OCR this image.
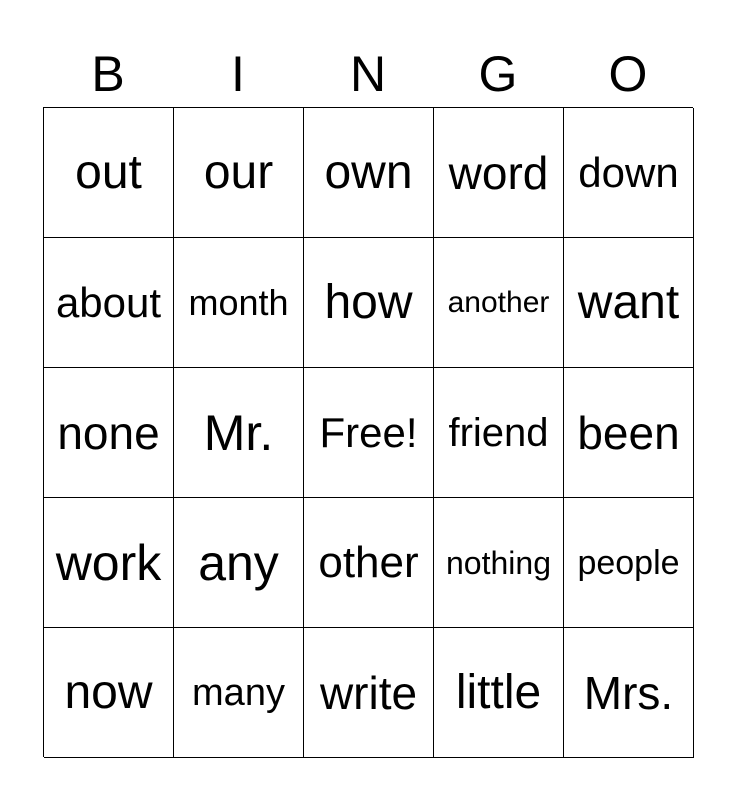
B	I	N	G	O
out	our	own word down
about month how	another want
none Mr.	Free! friend been
work any other nothing people
now	many write little Mrs.
